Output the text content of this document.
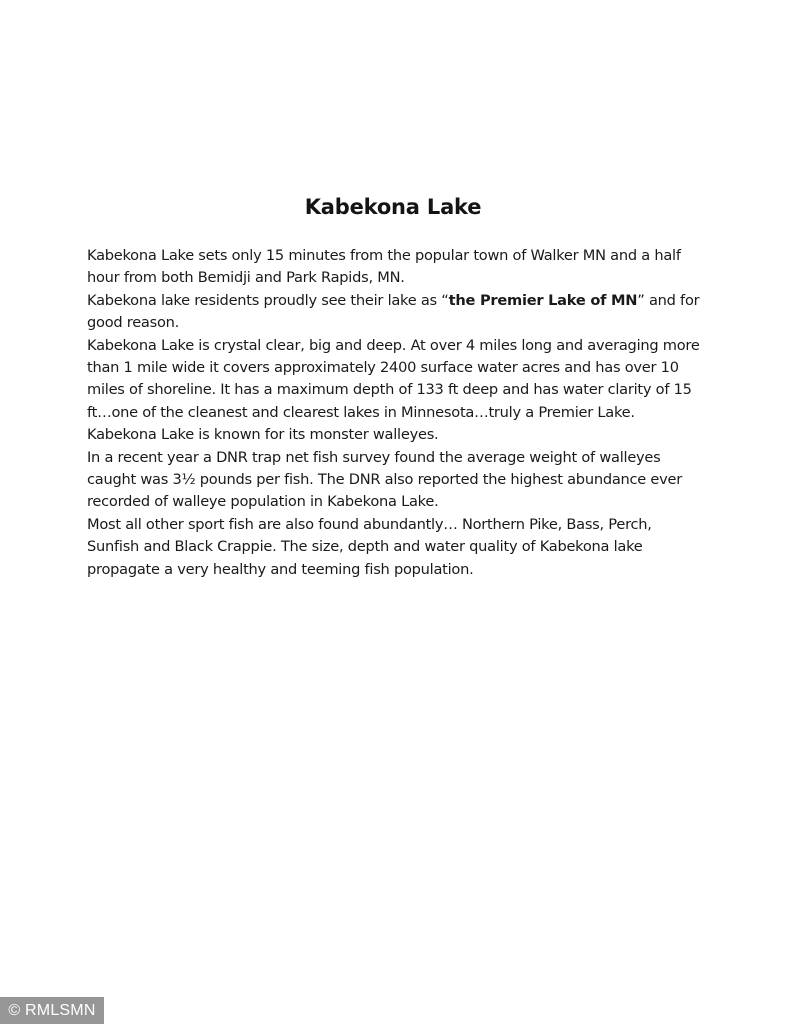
Kabekona Lake

Kabekona Lake sets only 15 minutes from the popular town of Walker MN and a half hour from both Bemidji and Park Rapids, MN.

Kabekona lake residents proudly see their lake as “the Premier Lake of MN” and for good reason.

Kabekona Lake is crystal clear, big and deep. At over 4 miles long and averaging more than 1 mile wide it covers approximately 2400 surface water acres and has over 10 miles of shoreline. It has a maximum depth of 133 ft deep and has water clarity of 15 ft…one of the cleanest and clearest lakes in Minnesota…truly a Premier Lake.

Kabekona Lake is known for its monster walleyes.

In a recent year a DNR trap net fish survey found the average weight of walleyes caught was 3½ pounds per fish. The DNR also reported the highest abundance ever recorded of walleye population in Kabekona Lake.

Most all other sport fish are also found abundantly… Northern Pike, Bass, Perch, Sunfish and Black Crappie. The size, depth and water quality of Kabekona lake propagate a very healthy and teeming fish population.

© RMLSMN
